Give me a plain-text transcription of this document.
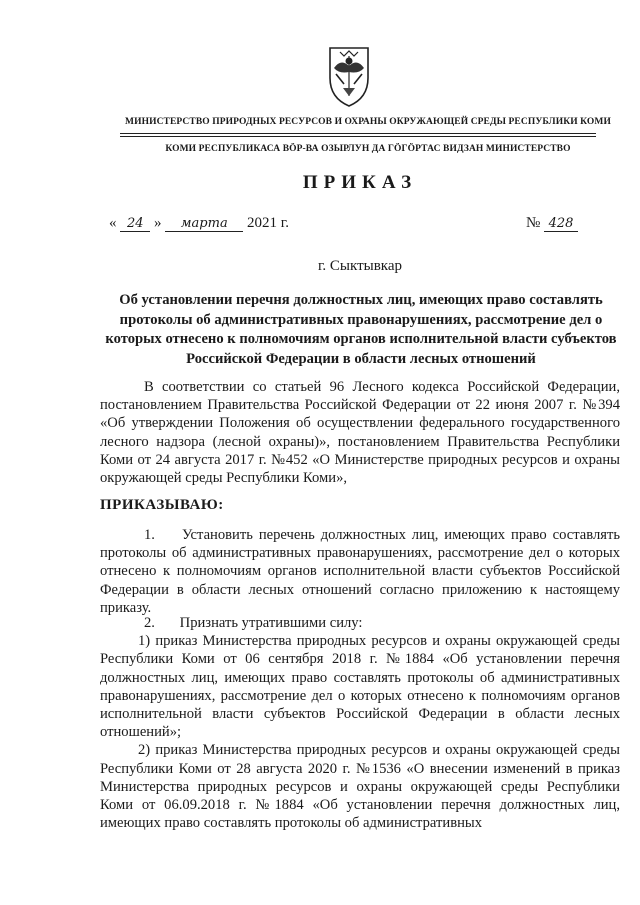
МИНИСТЕРСТВО ПРИРОДНЫХ РЕСУРСОВ И ОХРАНЫ ОКРУЖАЮЩЕЙ СРЕДЫ РЕСПУБЛИКИ КОМИ
КОМИ РЕСПУБЛИКАСА ВÖР-ВА ОЗЫРЛУН ДА ГÖГÖРТАС ВИДЗАН МИНИСТЕРСТВО
ПРИКАЗ
« 24 » марта 2021 г.	№ 428
г. Сыктывкар
Об установлении перечня должностных лиц, имеющих право составлять протоколы об административных правонарушениях, рассмотрение дел о которых отнесено к полномочиям органов исполнительной власти субъектов Российской Федерации в области лесных отношений
В соответствии со статьей 96 Лесного кодекса Российской Федерации, постановлением Правительства Российской Федерации от 22 июня 2007 г. №394 «Об утверждении Положения об осуществлении федерального государственного лесного надзора (лесной охраны)», постановлением Правительства Республики Коми от 24 августа 2017 г. №452 «О Министерстве природных ресурсов и охраны окружающей среды Республики Коми»,
ПРИКАЗЫВАЮ:
1. Установить перечень должностных лиц, имеющих право составлять протоколы об административных правонарушениях, рассмотрение дел о которых отнесено к полномочиям органов исполнительной власти субъектов Российской Федерации в области лесных отношений согласно приложению к настоящему приказу.
2. Признать утратившими силу:
1) приказ Министерства природных ресурсов и охраны окружающей среды Республики Коми от 06 сентября 2018 г. №1884 «Об установлении перечня должностных лиц, имеющих право составлять протоколы об административных правонарушениях, рассмотрение дел о которых отнесено к полномочиям органов исполнительной власти субъектов Российской Федерации в области лесных отношений»;
2) приказ Министерства природных ресурсов и охраны окружающей среды Республики Коми от 28 августа 2020 г. №1536 «О внесении изменений в приказ Министерства природных ресурсов и охраны окружающей среды Республики Коми от 06.09.2018 г. №1884 «Об установлении перечня должностных лиц, имеющих право составлять протоколы об административных
